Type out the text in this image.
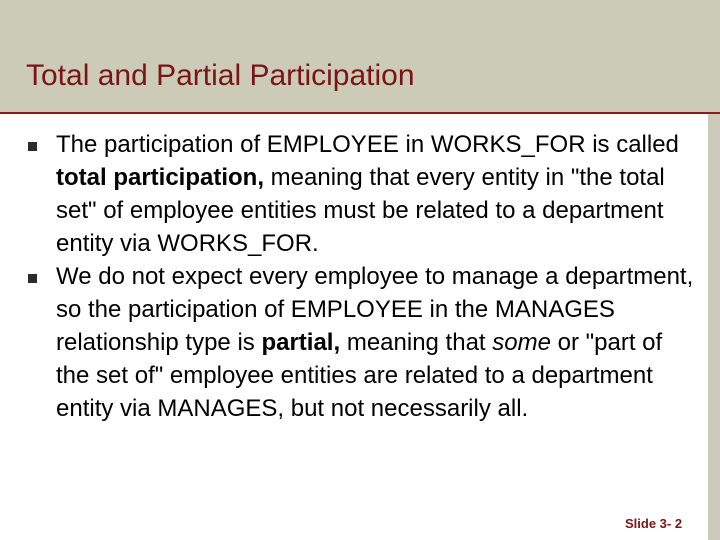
Total and Partial Participation
The participation of EMPLOYEE in WORKS_FOR is called total participation, meaning that every entity in "the total set" of employee entities must be related to a department entity via WORKS_FOR.
We do not expect every employee to manage a department, so the participation of EMPLOYEE in the MANAGES relationship type is partial, meaning that some or "part of the set of" employee entities are related to a department entity via MANAGES, but not necessarily all.
Slide 3- 2
